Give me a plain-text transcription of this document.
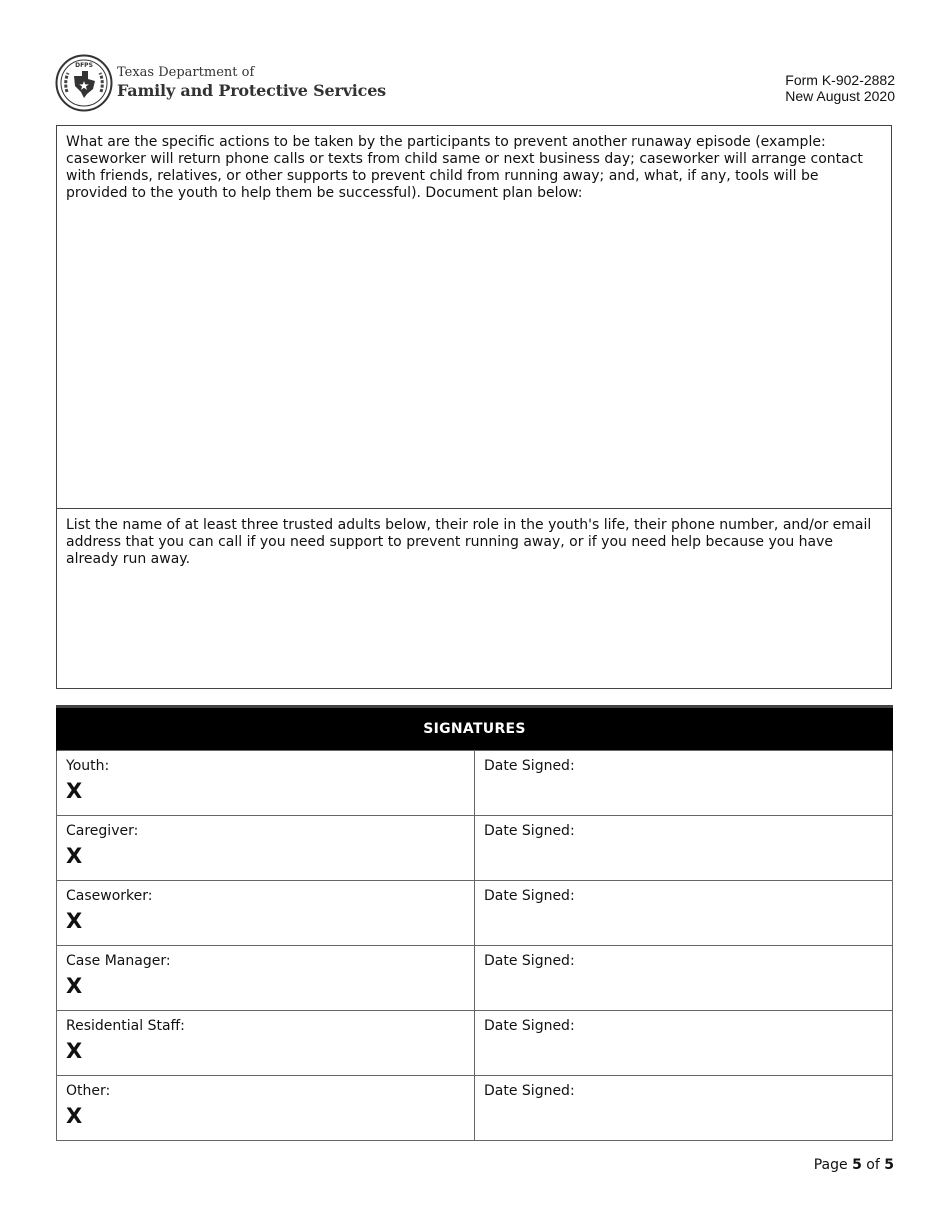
DFPS Texas Department of
Family and Protective Services
Form K-902-2882
New August 2020
What are the specific actions to be taken by the participants to prevent another runaway episode (example: caseworker will return phone calls or texts from child same or next business day; caseworker will arrange contact with friends, relatives, or other supports to prevent child from running away; and, what, if any, tools will be provided to the youth to help them be successful). Document plan below:
List the name of at least three trusted adults below, their role in the youth's life, their phone number, and/or email address that you can call if you need support to prevent running away, or if you need help because you have already run away.
SIGNATURES	

Youth:
X	Date Signed:

Caregiver:
X	Date Signed:

Caseworker:
X	Date Signed:

Case Manager:
X	Date Signed:

Residential Staff:
X	Date Signed:

Other:
X	Date Signed:
Page 5 of 5
